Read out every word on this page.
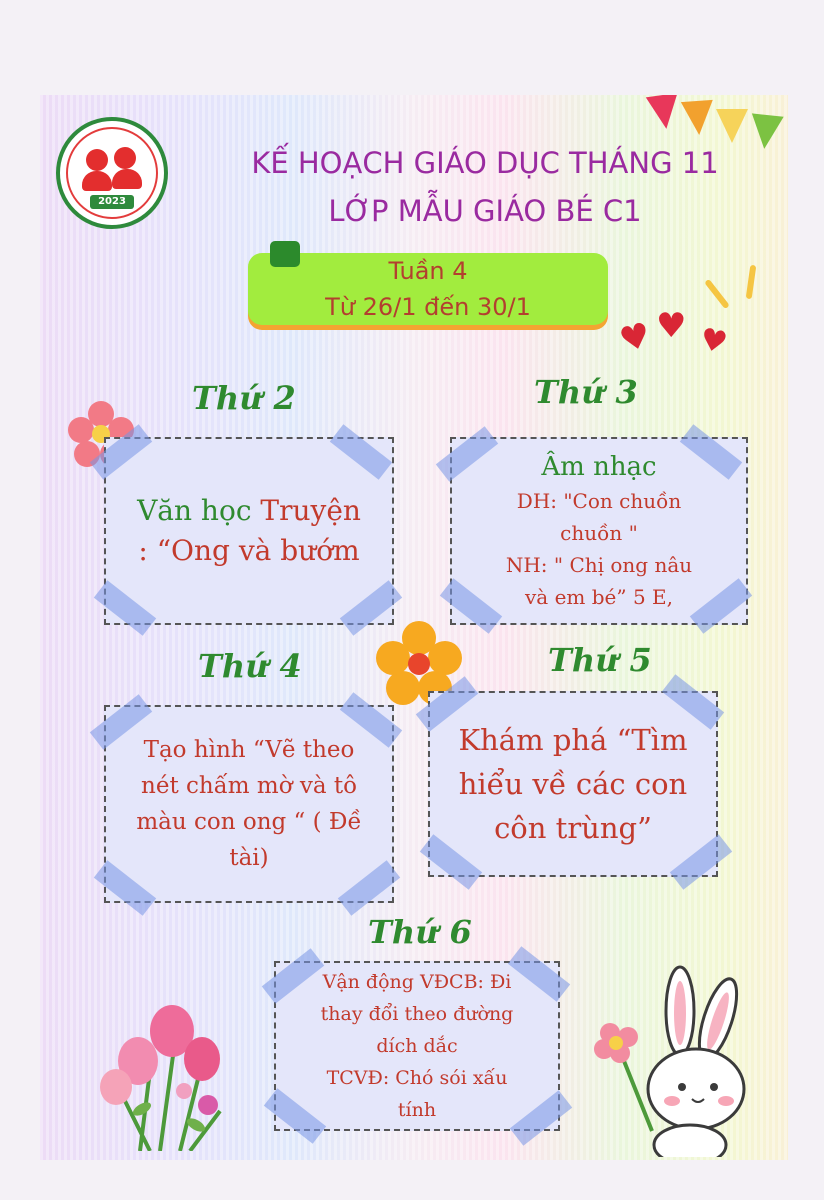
2023
KẾ HOẠCH GIÁO DỤC THÁNG 11
LỚP MẪU GIÁO BÉ C1
Tuần 4
Từ 26/1 đến 30/1
♥ ♥ ♥
Thứ 2
Văn học Truyện
: “Ong và bướm
Thứ 3
Âm nhạc
DH: "Con chuồn
chuồn "
NH: " Chị ong nâu
và em bé” 5 E,
Thứ 4
Tạo hình “Vẽ theo
nét chấm mờ và tô
màu con ong “ ( Đề
tài)
Thứ 5
Khám phá “Tìm
hiểu về các con
côn trùng”
Thứ 6
Vận động VĐCB: Đi
thay đổi theo đường
dích dắc
TCVĐ: Chó sói xấu
tính
